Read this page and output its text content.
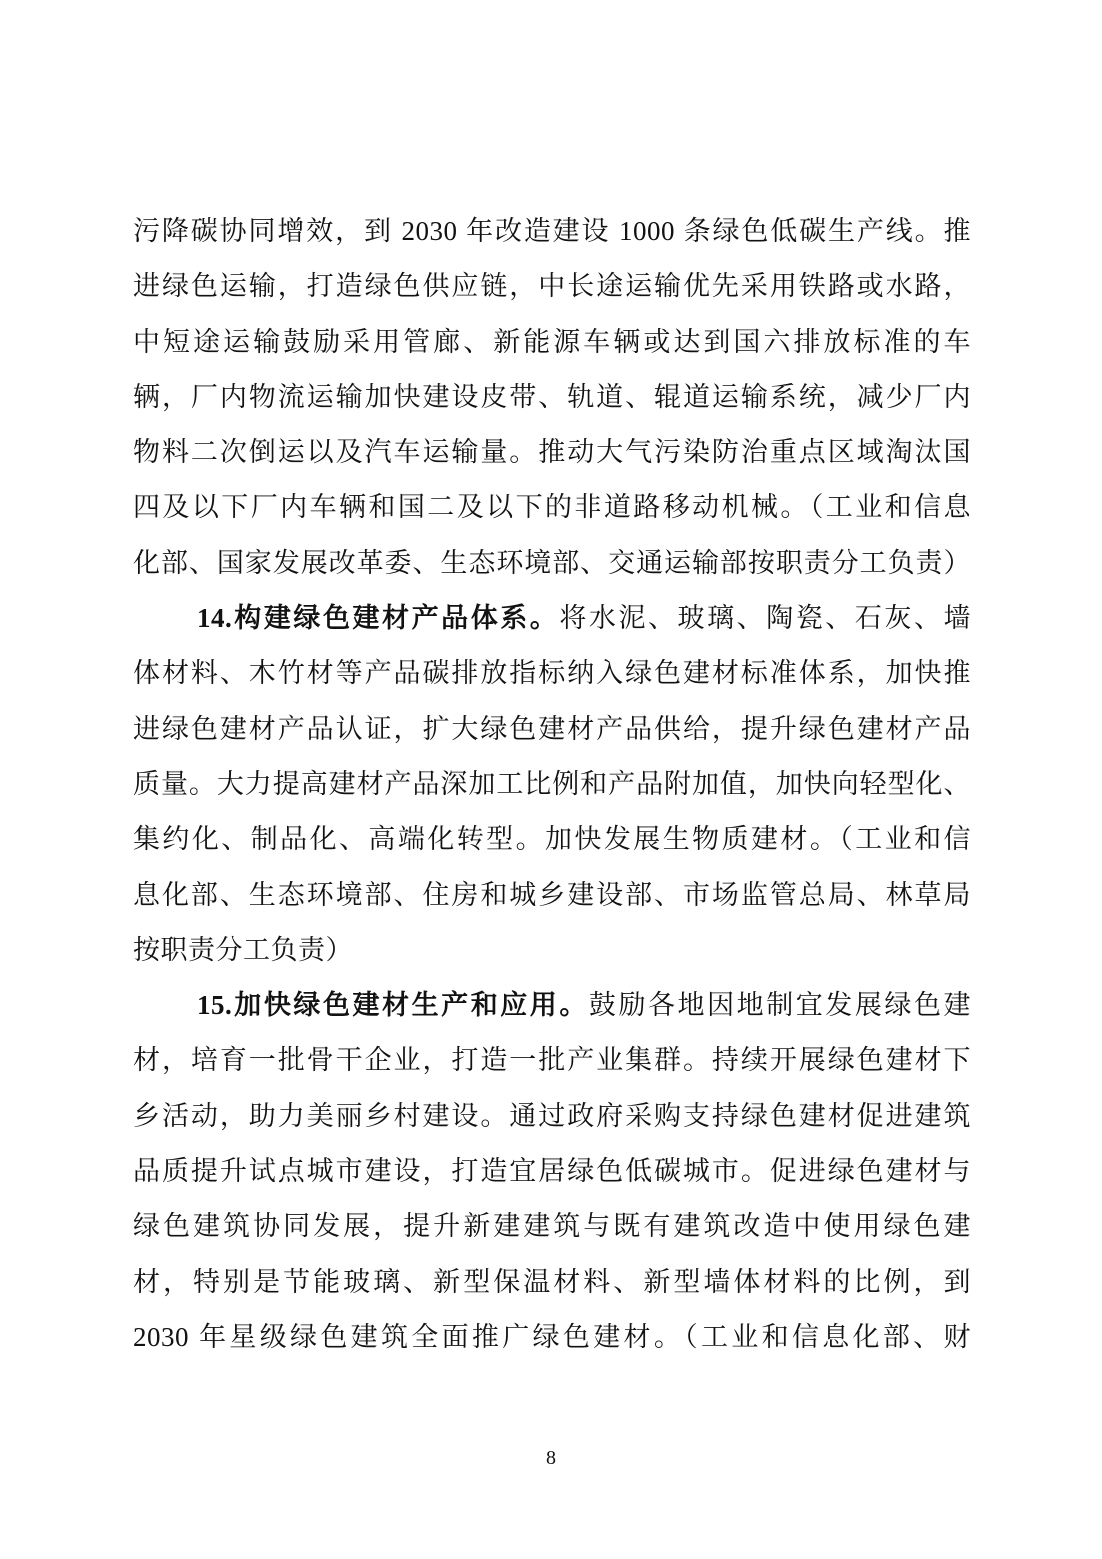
污降碳协同增效，到 2030 年改造建设 1000 条绿色低碳生产线。推
进绿色运输，打造绿色供应链，中长途运输优先采用铁路或水路，
中短途运输鼓励采用管廊、新能源车辆或达到国六排放标准的车
辆，厂内物流运输加快建设皮带、轨道、辊道运输系统，减少厂内
物料二次倒运以及汽车运输量。推动大气污染防治重点区域淘汰国
四及以下厂内车辆和国二及以下的非道路移动机械。（工业和信息
化部、国家发展改革委、生态环境部、交通运输部按职责分工负责）
14.构建绿色建材产品体系。将水泥、玻璃、陶瓷、石灰、墙
体材料、木竹材等产品碳排放指标纳入绿色建材标准体系，加快推
进绿色建材产品认证，扩大绿色建材产品供给，提升绿色建材产品
质量。大力提高建材产品深加工比例和产品附加值，加快向轻型化、
集约化、制品化、高端化转型。加快发展生物质建材。（工业和信
息化部、生态环境部、住房和城乡建设部、市场监管总局、林草局
按职责分工负责）
15.加快绿色建材生产和应用。鼓励各地因地制宜发展绿色建
材，培育一批骨干企业，打造一批产业集群。持续开展绿色建材下
乡活动，助力美丽乡村建设。通过政府采购支持绿色建材促进建筑
品质提升试点城市建设，打造宜居绿色低碳城市。促进绿色建材与
绿色建筑协同发展，提升新建建筑与既有建筑改造中使用绿色建
材，特别是节能玻璃、新型保温材料、新型墙体材料的比例，到
2030 年星级绿色建筑全面推广绿色建材。（工业和信息化部、财
8
